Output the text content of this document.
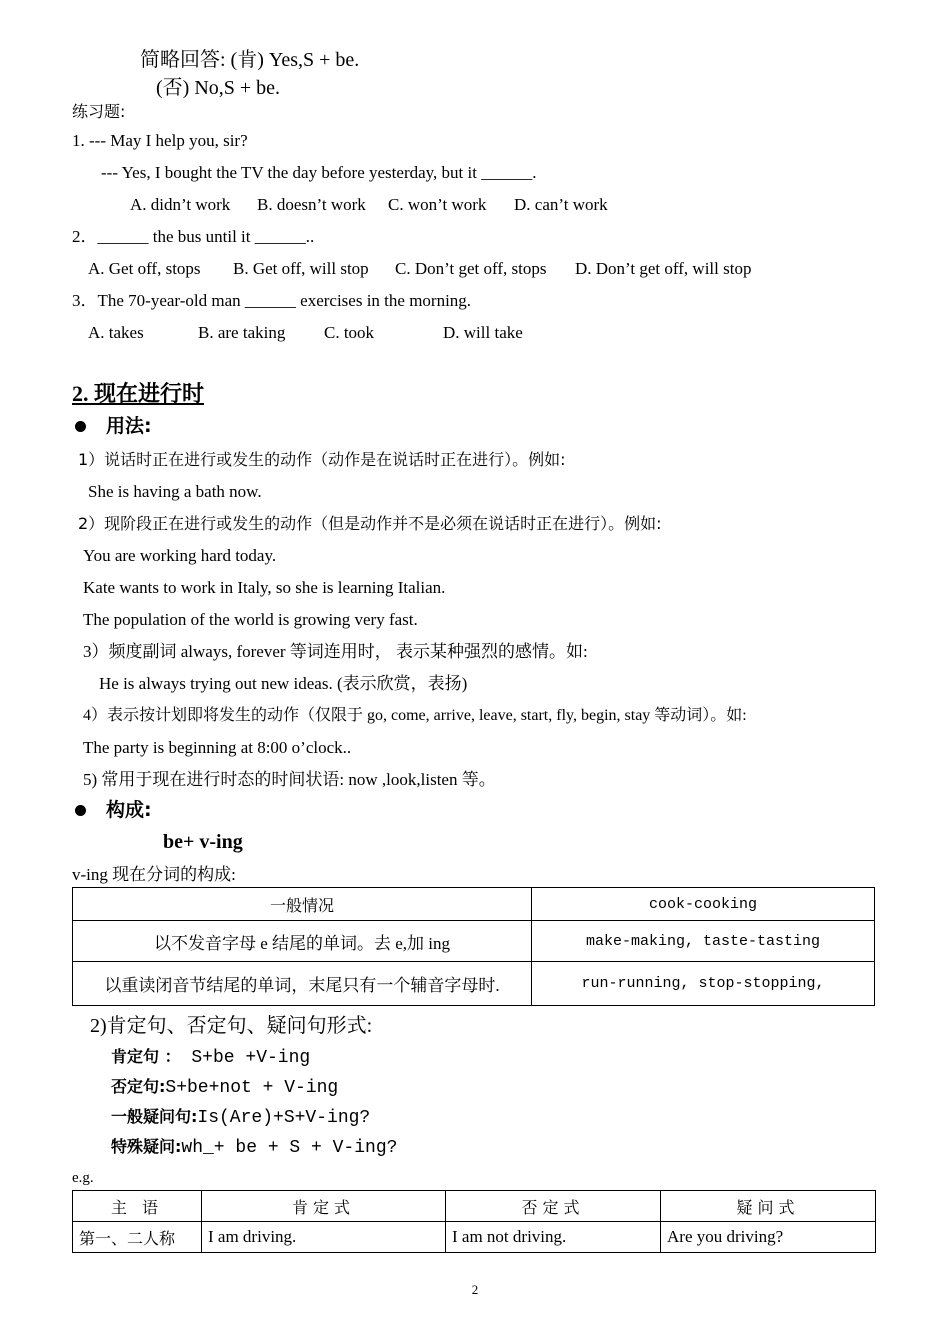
简略回答: (肯) Yes,S + be.
(否) No,S + be.
练习题:
1. --- May I help you, sir?
--- Yes, I bought the TV the day before yesterday, but it ______.
A. didn’t work B. doesn’t work C. won’t work D. can’t work
2．______ the bus until it ______..
A. Get off, stops B. Get off, will stop C. Don’t get off, stops D. Don’t get off, will stop
3．The 70-year-old man ______ exercises in the morning.
A. takes	B. are taking C. took	D. will take
2. 现在进行时
用法:
1）说话时正在进行或发生的动作（动作是在说话时正在进行）。例如:
She is having a bath now.
2）现阶段正在进行或发生的动作（但是动作并不是必须在说话时正在进行）。例如:
You are working hard today.
Kate wants to work in Italy, so she is learning Italian.
The population of the world is growing very fast.
3）频度副词 always, forever 等词连用时， 表示某种强烈的感情。如:
He is always trying out new ideas. (表示欣赏，表扬)
4）表示按计划即将发生的动作（仅限于 go, come, arrive, leave, start, fly, begin, stay 等动词）。如:
The party is beginning at 8:00 o’clock..
5) 常用于现在进行时态的时间状语: now ,look,listen 等。
构成:
be+ v-ing
v-ing 现在分词的构成:
一般情况	cook-cooking
以不发音字母 e 结尾的单词。去 e,加 ing	make-making, taste-tasting
以重读闭音节结尾的单词，末尾只有一个辅音字母时.	run-running, stop-stopping,
2)肯定句、否定句、疑问句形式:
肯定句 ： S+be +V-ing
否定句:S+be+not + V-ing
一般疑问句:Is(Are)+S+V-ing?
特殊疑问:wh_+ be + S + V-ing?
e.g.
主 语	肯定式	否定式	疑问式
第一、二人称	I am driving.	I am not driving.	Are you driving?
2
